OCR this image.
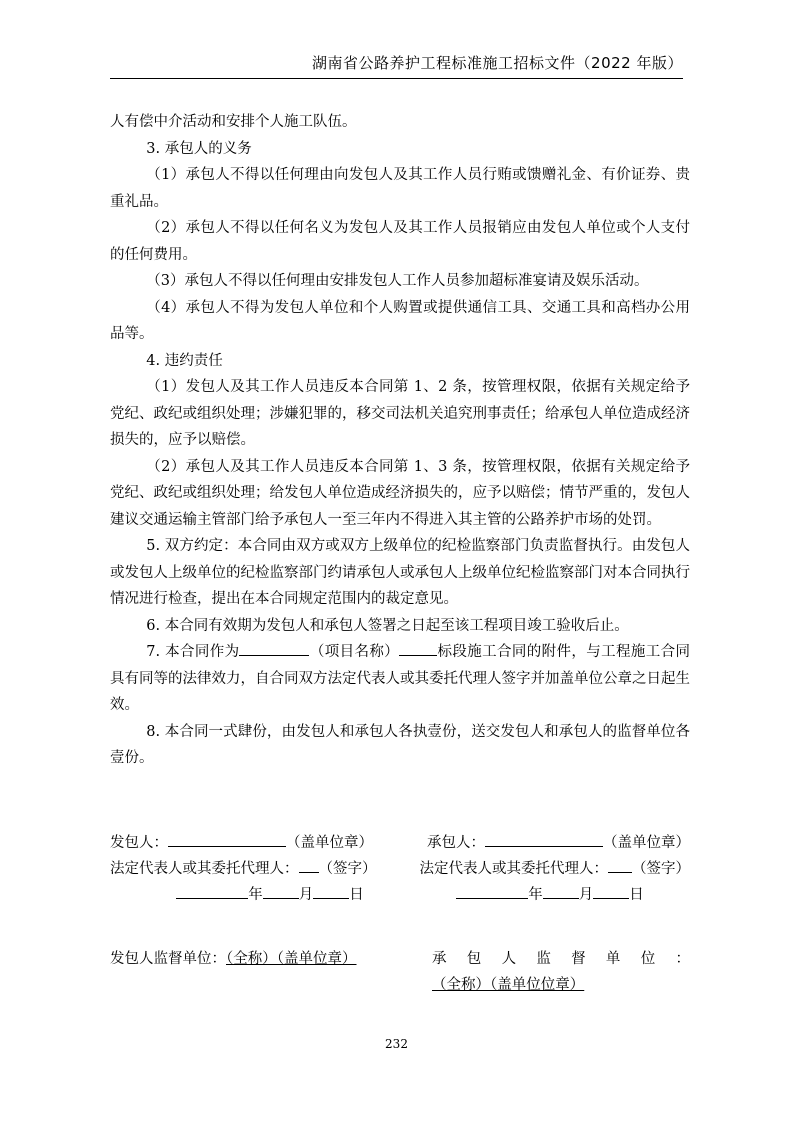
湖南省公路养护工程标准施工招标文件（2022 年版）

人有偿中介活动和安排个人施工队伍。

3. 承包人的义务

（1）承包人不得以任何理由向发包人及其工作人员行贿或馈赠礼金、有价证券、贵重礼品。

（2）承包人不得以任何名义为发包人及其工作人员报销应由发包人单位或个人支付的任何费用。

（3）承包人不得以任何理由安排发包人工作人员参加超标准宴请及娱乐活动。

（4）承包人不得为发包人单位和个人购置或提供通信工具、交通工具和高档办公用品等。

4. 违约责任

（1）发包人及其工作人员违反本合同第 1、2 条，按管理权限，依据有关规定给予党纪、政纪或组织处理；涉嫌犯罪的，移交司法机关追究刑事责任；给承包人单位造成经济损失的，应予以赔偿。

（2）承包人及其工作人员违反本合同第 1、3 条，按管理权限，依据有关规定给予党纪、政纪或组织处理；给发包人单位造成经济损失的，应予以赔偿；情节严重的，发包人建议交通运输主管部门给予承包人一至三年内不得进入其主管的公路养护市场的处罚。

5. 双方约定：本合同由双方或双方上级单位的纪检监察部门负责监督执行。由发包人或发包人上级单位的纪检监察部门约请承包人或承包人上级单位纪检监察部门对本合同执行情况进行检查，提出在本合同规定范围内的裁定意见。

6. 本合同有效期为发包人和承包人签署之日起至该工程项目竣工验收后止。

7. 本合同作为	（项目名称）	标段施工合同的附件，与工程施工合同具有同等的法律效力，自合同双方法定代表人或其委托代理人签字并加盖单位公章之日起生效。

8. 本合同一式肆份，由发包人和承包人各执壹份，送交发包人和承包人的监督单位各壹份。

发包人：	（盖单位章）	承包人：	（盖单位章）
法定代表人或其委托代理人： （签字）	法定代表人或其委托代理人： （签字）
年 月 日	年 月 日
发包人监督单位：（全称）（盖单位章）	承包人监督单位：（全称）（盖单位位章）
232
